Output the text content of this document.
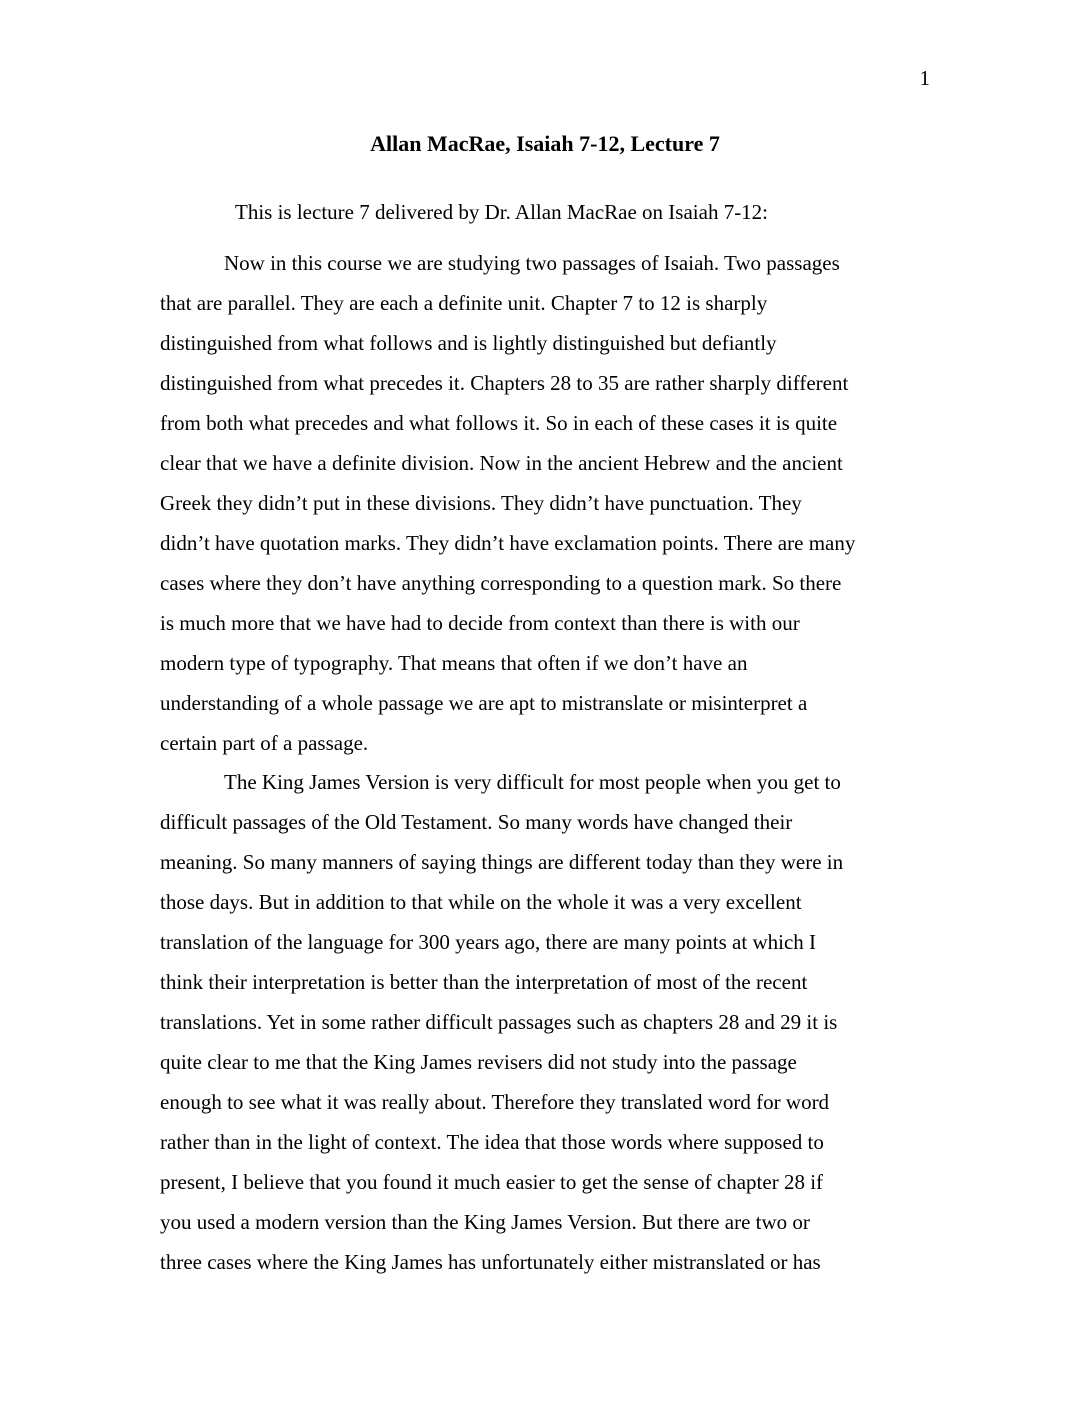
1
Allan MacRae, Isaiah 7-12, Lecture 7
This is lecture 7 delivered by Dr. Allan MacRae on Isaiah 7-12:
Now in this course we are studying two passages of Isaiah. Two passages
that are parallel. They are each a definite unit. Chapter 7 to 12 is sharply
distinguished from what follows and is lightly distinguished but defiantly
distinguished from what precedes it. Chapters 28 to 35 are rather sharply different
from both what precedes and what follows it. So in each of these cases it is quite
clear that we have a definite division. Now in the ancient Hebrew and the ancient
Greek they didn’t put in these divisions. They didn’t have punctuation. They
didn’t have quotation marks. They didn’t have exclamation points. There are many
cases where they don’t have anything corresponding to a question mark. So there
is much more that we have had to decide from context than there is with our
modern type of typography. That means that often if we don’t have an
understanding of a whole passage we are apt to mistranslate or misinterpret a
certain part of a passage.
The King James Version is very difficult for most people when you get to
difficult passages of the Old Testament. So many words have changed their
meaning. So many manners of saying things are different today than they were in
those days. But in addition to that while on the whole it was a very excellent
translation of the language for 300 years ago, there are many points at which I
think their interpretation is better than the interpretation of most of the recent
translations. Yet in some rather difficult passages such as chapters 28 and 29 it is
quite clear to me that the King James revisers did not study into the passage
enough to see what it was really about. Therefore they translated word for word
rather than in the light of context. The idea that those words where supposed to
present, I believe that you found it much easier to get the sense of chapter 28 if
you used a modern version than the King James Version. But there are two or
three cases where the King James has unfortunately either mistranslated or has
